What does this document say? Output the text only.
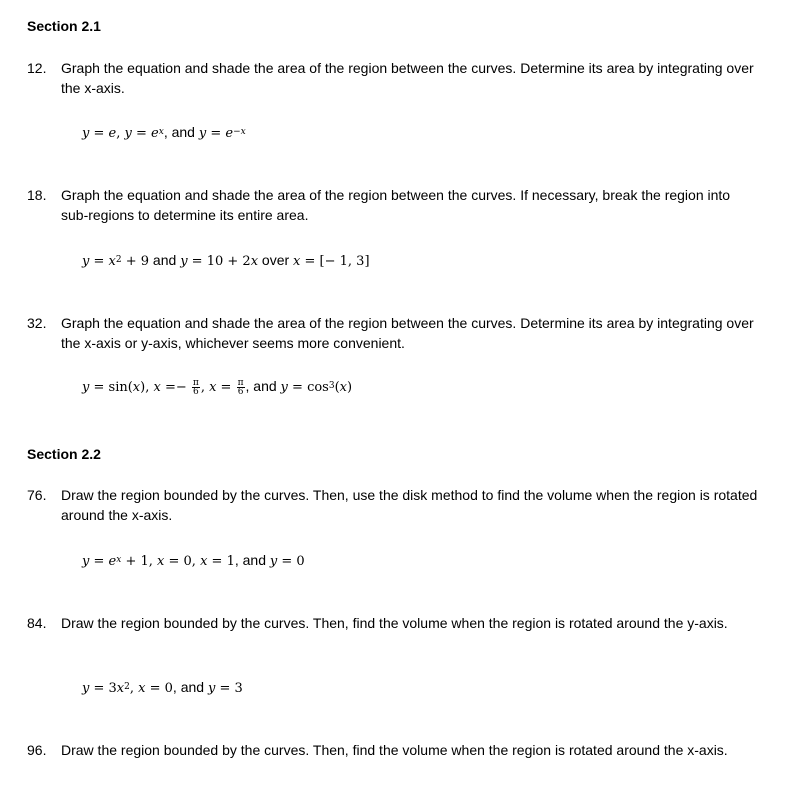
Section 2.1
12. Graph the equation and shade the area of the region between the curves. Determine its area by integrating over the x-axis.
y = e, $y = e^x$, and $y = e^{-x}$
18. Graph the equation and shade the area of the region between the curves. If necessary, break the region into sub-regions to determine its entire area.
$y = x^2 + 9$ and y = 10 + 2x over x = [− 1, 3]
32. Graph the equation and shade the area of the region between the curves. Determine its area by integrating over the x-axis or y-axis, whichever seems more convenient.
y = sin(x), $x =- \frac{\pi}{6}$ , $x = \frac{\pi}{6}$ , and $y = \cos^3(x)$
Section 2.2
76. Draw the region bounded by the curves. Then, use the disk method to find the volume when the region is rotated around the x-axis.
$y = e^x + 1$, x = 0, x = 1, and y = 0
84. Draw the region bounded by the curves. Then, find the volume when the region is rotated around the y-axis.
$y = 3x^2$, x = 0, and y = 3
96. Draw the region bounded by the curves. Then, find the volume when the region is rotated around the x-axis.
